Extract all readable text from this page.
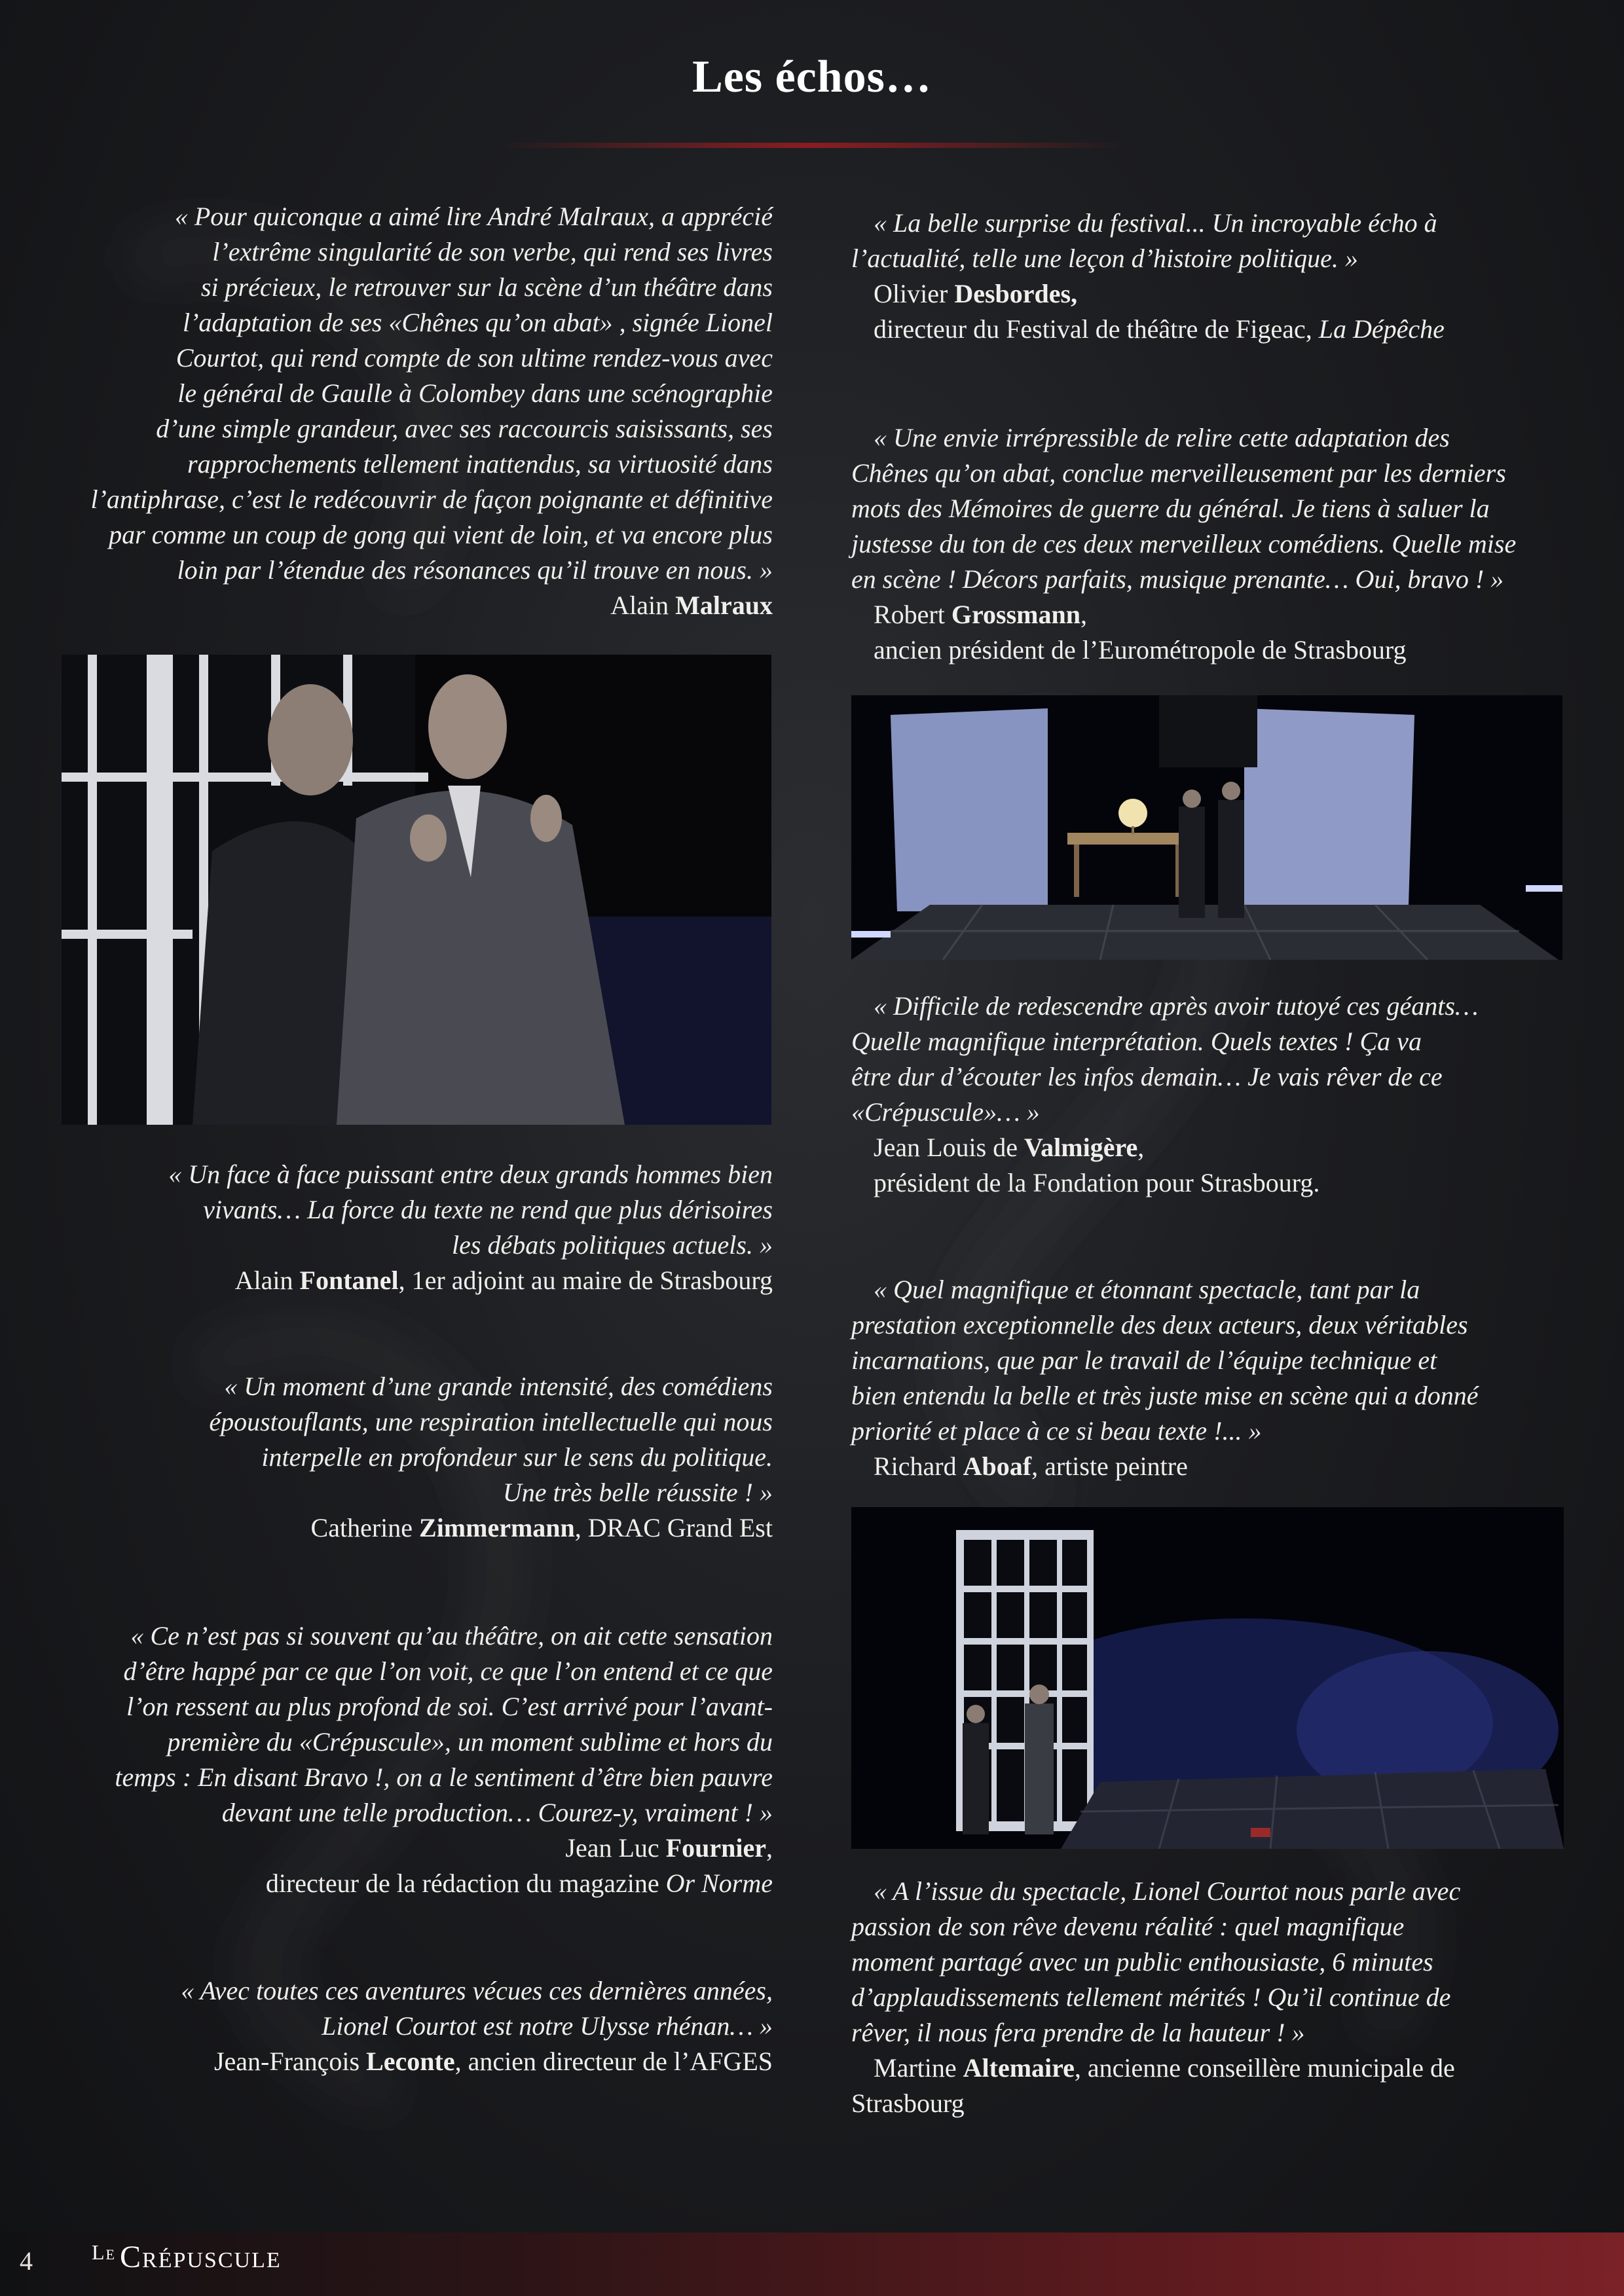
Les échos…

« Pour quiconque a aimé lire André Malraux, a apprécié
l’extrême singularité de son verbe, qui rend ses livres
si précieux, le retrouver sur la scène d’un théâtre dans
l’adaptation de ses «Chênes qu’on abat» , signée Lionel
Courtot, qui rend compte de son ultime rendez-vous avec
le général de Gaulle à Colombey dans une scénographie
d’une simple grandeur, avec ses raccourcis saisissants, ses
rapprochements tellement inattendus, sa virtuosité dans
l’antiphrase, c’est le redécouvrir de façon poignante et définitive
par comme un coup de gong qui vient de loin, et va encore plus
loin par l’étendue des résonances qu’il trouve en nous. »

Alain Malraux

« Un face à face puissant entre deux grands hommes bien
vivants… La force du texte ne rend que plus dérisoires
les débats politiques actuels. »

Alain Fontanel, 1er adjoint au maire de Strasbourg

« Un moment d’une grande intensité, des comédiens
époustouflants, une respiration intellectuelle qui nous
interpelle en profondeur sur le sens du politique.
Une très belle réussite ! »

Catherine Zimmermann, DRAC Grand Est

« Ce n’est pas si souvent qu’au théâtre, on ait cette sensation
d’être happé par ce que l’on voit, ce que l’on entend et ce que
l’on ressent au plus profond de soi. C’est arrivé pour l’avant-
première du «Crépuscule», un moment sublime et hors du
temps : En disant Bravo !, on a le sentiment d’être bien pauvre
devant une telle production… Courez-y, vraiment ! »

Jean Luc Fournier,

directeur de la rédaction du magazine Or Norme

« Avec toutes ces aventures vécues ces dernières années,
Lionel Courtot est notre Ulysse rhénan… »

Jean-François Leconte, ancien directeur de l’AFGES

« La belle surprise du festival... Un incroyable écho à
l’actualité, telle une leçon d’histoire politique. »

Olivier Desbordes,

directeur du Festival de théâtre de Figeac, La Dépêche

« Une envie irrépressible de relire cette adaptation des
Chênes qu’on abat, conclue merveilleusement par les derniers
mots des Mémoires de guerre du général. Je tiens à saluer la
justesse du ton de ces deux merveilleux comédiens. Quelle mise
en scène ! Décors parfaits, musique prenante… Oui, bravo ! »

Robert Grossmann,

ancien président de l’Eurométropole de Strasbourg

« Difficile de redescendre après avoir tutoyé ces géants…
Quelle magnifique interprétation. Quels textes ! Ça va
être dur d’écouter les infos demain… Je vais rêver de ce
«Crépuscule»… »

Jean Louis de Valmigère,

président de la Fondation pour Strasbourg.

« Quel magnifique et étonnant spectacle, tant par la
prestation exceptionnelle des deux acteurs, deux véritables
incarnations, que par le travail de l’équipe technique et
bien entendu la belle et très juste mise en scène qui a donné
priorité et place à ce si beau texte !... »

Richard Aboaf, artiste peintre

« A l’issue du spectacle, Lionel Courtot nous parle avec
passion de son rêve devenu réalité : quel magnifique
moment partagé avec un public enthousiaste, 6 minutes
d’applaudissements tellement mérités ! Qu’il continue de
rêver, il nous fera prendre de la hauteur ! »

Martine Altemaire, ancienne conseillère municipale de

Strasbourg

4	$^{Le}$ Crépuscule
